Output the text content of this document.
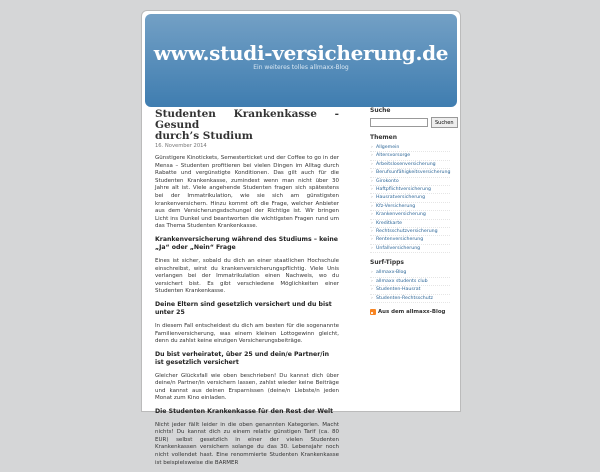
www.studi-versicherung.de
Ein weiteres tolles allmaxx-Blog
Studenten Krankenkasse - Gesund
durch’s Studium
16. November 2014

Günstigere Kinotickets, Semesterticket und der Coffee to go in der Mensa – Studenten profitieren bei vielen Dingen im Alltag durch Rabatte und vergünstigte Konditionen. Das gilt auch für die Studenten Krankenkasse, zumindest wenn man nicht über 30 Jahre alt ist. Viele angehende Studenten fragen sich spätestens bei der Immatrikulation, wie sie sich am günstigsten krankenversichern. Hinzu kommt oft die Frage, welcher Anbieter aus dem Versicherungsdschungel der Richtige ist. Wir bringen Licht ins Dunkel und beantworten die wichtigsten Fragen rund um das Thema Studenten Krankenkasse.

Krankenversicherung während des Studiums – keine „Ja“ oder „Nein“ Frage

Eines ist sicher, sobald du dich an einer staatlichen Hochschule einschreibst, wirst du krankenversicherungspflichtig. Viele Unis verlangen bei der Immatrikulation einen Nachweis, wo du versichert bist. Es gibt verschiedene Möglichkeiten einer Studenten Krankenkasse.

Deine Eltern sind gesetzlich versichert und du bist unter 25

In diesem Fall entscheidest du dich am besten für die sogenannte Familienversicherung, was einem kleinen Lottogewinn gleicht, denn du zahlst keine einzigen Versicherungsbeiträge.

Du bist verheiratet, über 25 und dein/e Partner/in ist gesetzlich versichert

Gleicher Glücksfall wie oben beschrieben! Du kannst dich über deine/n Partner/in versichern lassen, zahlst wieder keine Beiträge und kannst aus deinen Ersparnissen (deine/n Liebste/n jeden Monat zum Kino einladen.

Die Studenten Krankenkasse für den Rest der Welt

Nicht jeder fällt leider in die oben genannten Kategorien. Macht nichts! Du kannst dich zu einem relativ günstigen Tarif (ca. 80 EUR) selbst gesetzlich in einer der vielen Studenten Krankenkassen versichern solange du das 30. Lebensjahr noch nicht vollendet hast. Eine renommierte Studenten Krankenkasse ist beispielsweise die BARMER

Suche
Suchen
Themen
› Allgemein
› Altersvorsorge
› Arbeitslosenversicherung
› Berufsunfähigkeitsversicherung
› Girokonto
› Haftpflichtversicherung
› Hausratversicherung
› Kfz-Versicherung
› Krankenversicherung
› Kreditkarte
› Rechtsschutzversicherung
› Rentenversicherung
› Unfallversicherung
Surf-Tipps
› allmaxx-Blog
› allmaxx students club
› Studenten-Hausrat
› Studenten-Rechtsschutz
Aus dem allmaxx-Blog
